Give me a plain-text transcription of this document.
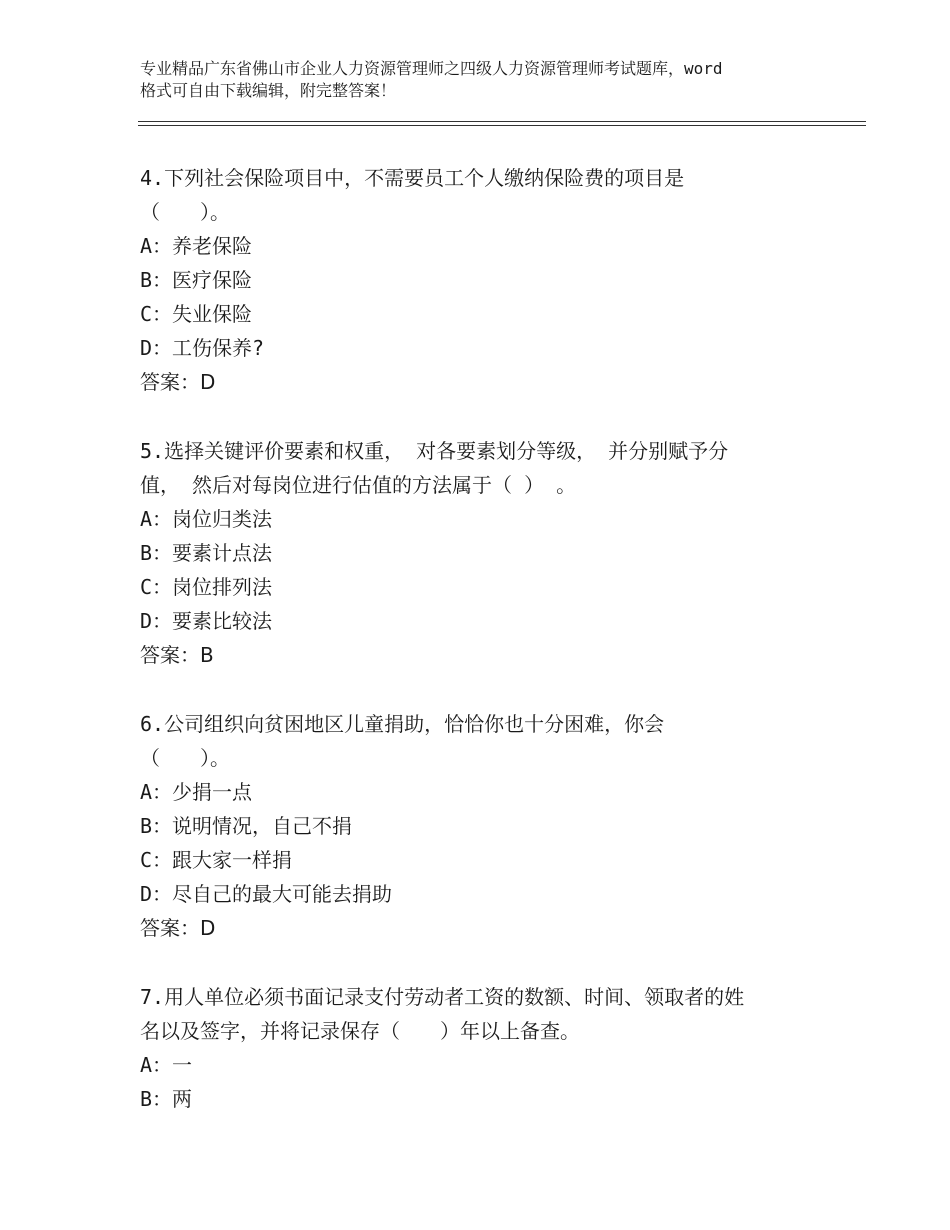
专业精品广东省佛山市企业人力资源管理师之四级人力资源管理师考试题库，word

格式可自由下载编辑，附完整答案！

4.下列社会保险项目中，不需要员工个人缴纳保险费的项目是

（　　）。

A：养老保险

B：医疗保险

C：失业保险

D：工伤保养?

答案：D

5.选择关键评价要素和权重， 对各要素划分等级， 并分别赋予分

值， 然后对每岗位进行估值的方法属于（ ） 。

A：岗位归类法

B：要素计点法

C：岗位排列法

D：要素比较法

答案：B

6.公司组织向贫困地区儿童捐助，恰恰你也十分困难，你会

（　　）。

A：少捐一点

B：说明情况，自己不捐

C：跟大家一样捐

D：尽自己的最大可能去捐助

答案：D

7.用人单位必须书面记录支付劳动者工资的数额、时间、领取者的姓

名以及签字，并将记录保存（　　）年以上备查。

A：一

B：两
